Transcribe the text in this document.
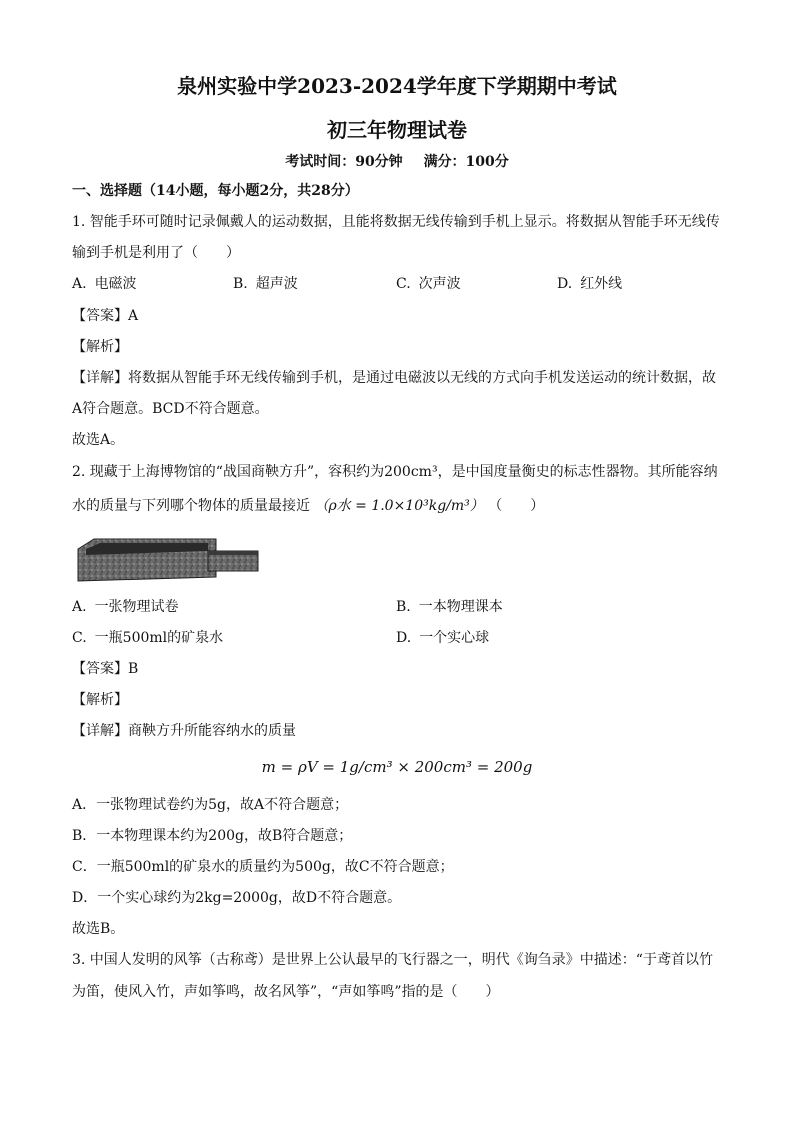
泉州实验中学2023-2024学年度下学期期中考试
初三年物理试卷
考试时间：90分钟 满分：100分
一、选择题（14小题，每小题2分，共28分）
1. 智能手环可随时记录佩戴人的运动数据，且能将数据无线传输到手机上显示。将数据从智能手环无线传
输到手机是利用了（　　）
A. 电磁波	B. 超声波	C. 次声波	D. 红外线
【答案】A
【解析】
【详解】将数据从智能手环无线传输到手机，是通过电磁波以无线的方式向手机发送运动的统计数据，故
A符合题意。BCD不符合题意。
故选A。
2. 现藏于上海博物馆的“战国商鞅方升”，容积约为200cm³，是中国度量衡史的标志性器物。其所能容纳
水的质量与下列哪个物体的质量最接近 （ρ水 = 1.0×10³kg/m³） （　　）
A. 一张物理试卷	B. 一本物理课本
C. 一瓶500ml的矿泉水	D. 一个实心球
【答案】B
【解析】
【详解】商鞅方升所能容纳水的质量
m = ρV = 1g/cm³ × 200cm³ = 200g
A．一张物理试卷约为5g，故A不符合题意；
B．一本物理课本约为200g，故B符合题意；
C．一瓶500ml的矿泉水的质量约为500g，故C不符合题意；
D．一个实心球约为2kg=2000g，故D不符合题意。
故选B。
3. 中国人发明的风筝（古称鸢）是世界上公认最早的飞行器之一，明代《询刍录》中描述：“于鸢首以竹
为笛，使风入竹，声如筝鸣，故名风筝”，“声如筝鸣”指的是（　　）
